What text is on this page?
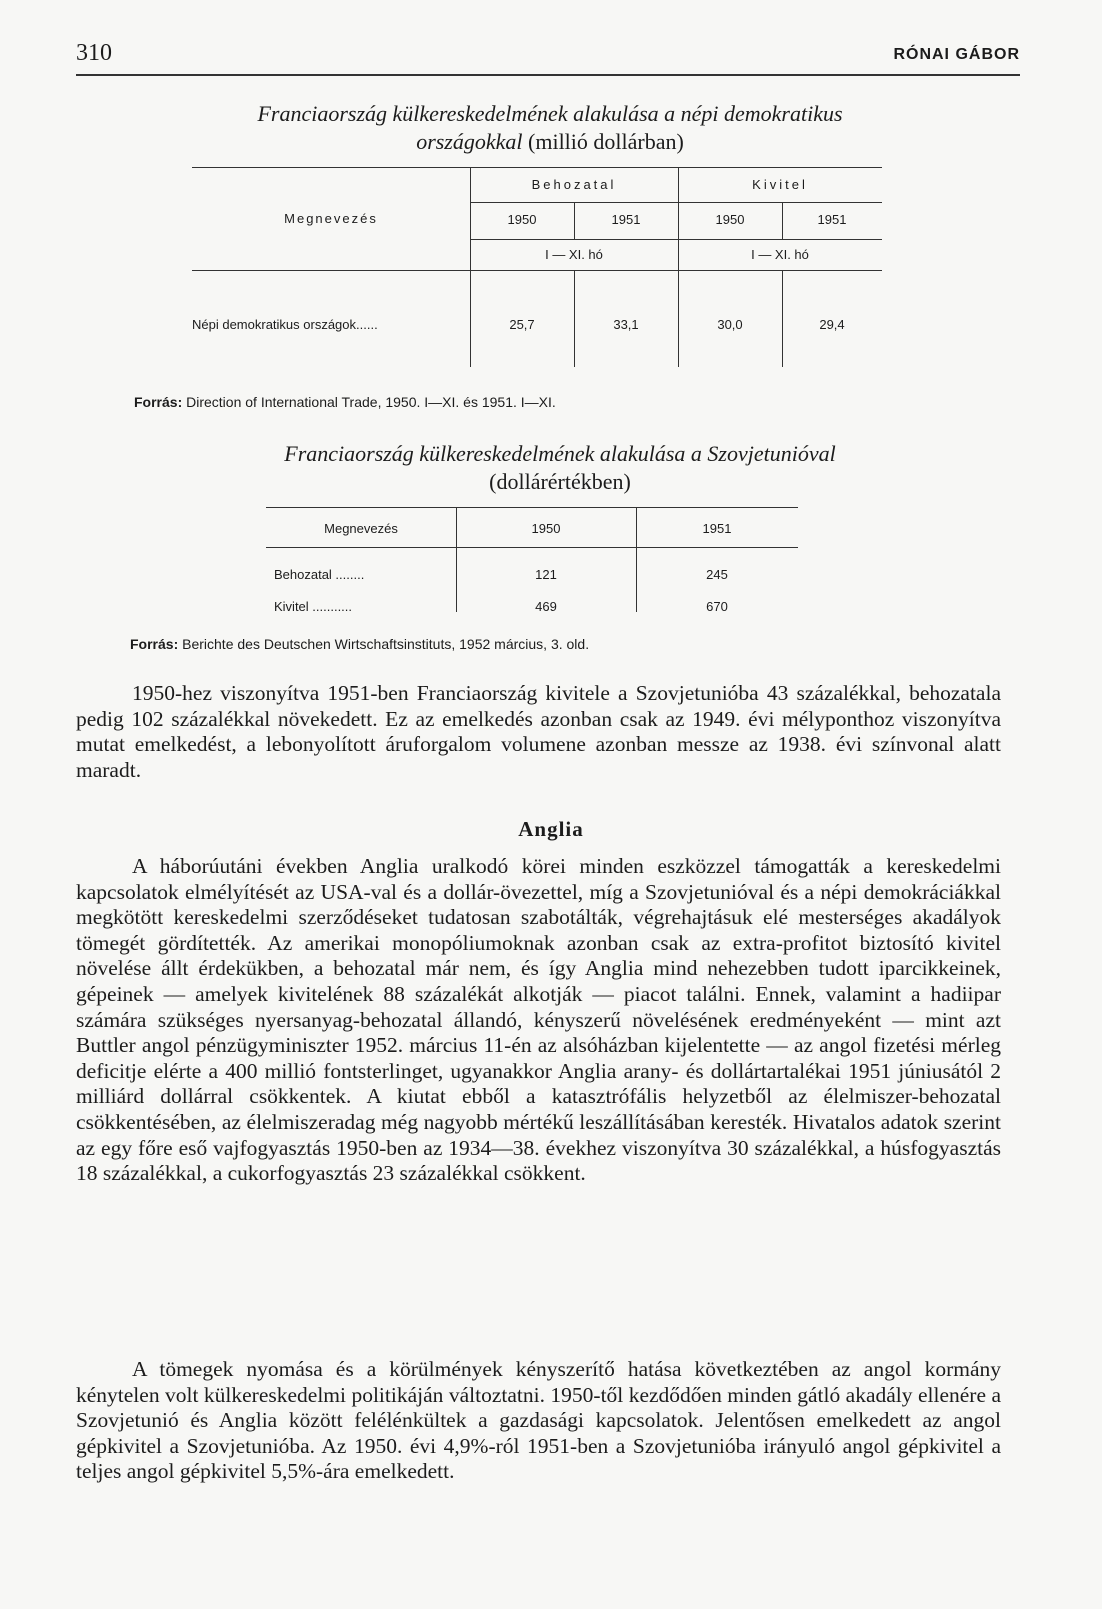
310	RÓNAI GÁBOR
Franciaország külkereskedelmének alakulása a népi demokratikus
országokkal (millió dollárban)
Megnevezés
Behozatal	Kivitel
1950	1951	1950	1951
I — XI. hó	I — XI. hó
Népi demokratikus országok......	25,7	33,1	30,0	29,4
Forrás: Direction of International Trade, 1950. I—XI. és 1951. I—XI.
Franciaország külkereskedelmének alakulása a Szovjetunióval
(dollárértékben)
Megnevezés	1950	1951
Behozatal ........	121	245
Kivitel ...........	469	670
Forrás: Berichte des Deutschen Wirtschaftsinstituts, 1952 március, 3. old.
1950-hez viszonyítva 1951-ben Franciaország kivitele a Szovjetunióba 43 százalékkal, behozatala pedig 102 százalékkal növekedett. Ez az emelkedés azonban csak az 1949. évi mélyponthoz viszonyítva mutat emelkedést, a lebonyolított áruforgalom volumene azonban messze az 1938. évi színvonal alatt maradt.
Anglia
A háborúutáni években Anglia uralkodó körei minden eszközzel támogatták a kereskedelmi kapcsolatok elmélyítését az USA-val és a dollár-övezettel, míg a Szovjetunióval és a népi demokráciákkal megkötött kereskedelmi szerződéseket tudatosan szabotálták, végrehajtásuk elé mesterséges akadályok tömegét gördítették. Az amerikai monopóliumoknak azonban csak az extra-profitot biztosító kivitel növelése állt érdekükben, a behozatal már nem, és így Anglia mind nehezebben tudott iparcikkeinek, gépeinek — amelyek kivitelének 88 százalékát alkotják — piacot találni. Ennek, valamint a hadiipar számára szükséges nyersanyag-behozatal állandó, kényszerű növelésének eredményeként — mint azt Buttler angol pénzügyminiszter 1952. március 11-én az alsóházban kijelentette — az angol fizetési mérleg deficitje elérte a 400 millió fontsterlinget, ugyanakkor Anglia arany- és dollártartalékai 1951 júniusától 2 milliárd dollárral csökkentek. A kiutat ebből a katasztrófális helyzetből az élelmiszer-behozatal csökkentésében, az élelmiszeradag még nagyobb mértékű leszállításában keresték. Hivatalos adatok szerint az egy főre eső vajfogyasztás 1950-ben az 1934—38. évekhez viszonyítva 30 százalékkal, a húsfogyasztás 18 százalékkal, a cukorfogyasztás 23 százalékkal csökkent.
A tömegek nyomása és a körülmények kényszerítő hatása következtében az angol kormány kénytelen volt külkereskedelmi politikáján változtatni. 1950-től kezdődően minden gátló akadály ellenére a Szovjetunió és Anglia között felélénkültek a gazdasági kapcsolatok. Jelentősen emelkedett az angol gépkivitel a Szovjetunióba. Az 1950. évi 4,9%-ról 1951-ben a Szovjetunióba irányuló angol gépkivitel a teljes angol gépkivitel 5,5%-ára emelkedett.
